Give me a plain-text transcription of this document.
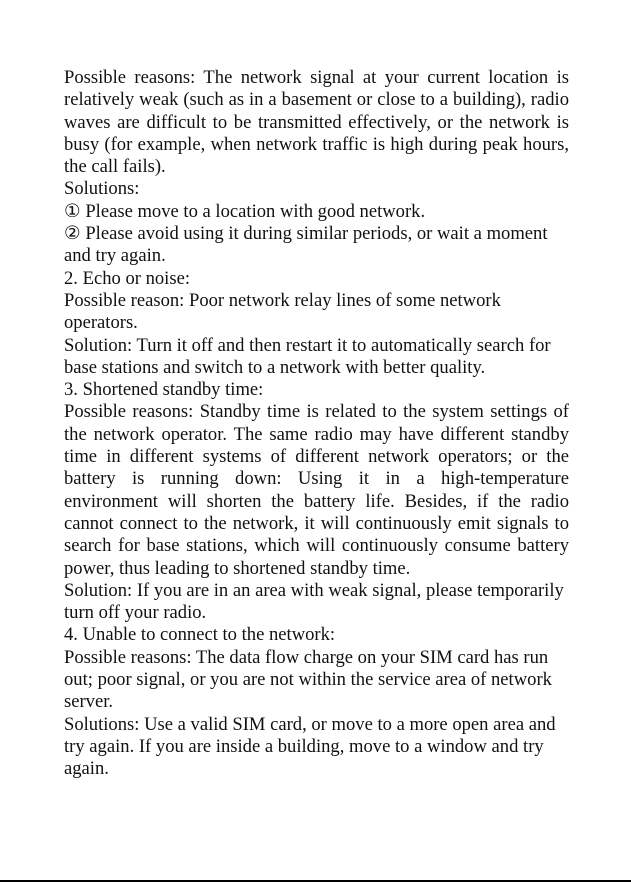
Possible reasons: The network signal at your current location is relatively weak (such as in a basement or close to a building), radio waves are difficult to be transmitted effectively, or the network is busy (for example, when network traffic is high during peak hours, the call fails).

Solutions:

① Please move to a location with good network.

② Please avoid using it during similar periods, or wait a moment and try again.

2. Echo or noise:

Possible reason: Poor network relay lines of some network operators.

Solution: Turn it off and then restart it to automatically search for base stations and switch to a network with better quality.

3. Shortened standby time:

Possible reasons: Standby time is related to the system settings of the network operator. The same radio may have different standby time in different systems of different network operators; or the battery is running down: Using it in a high-temperature environment will shorten the battery life. Besides, if the radio cannot connect to the network, it will continuously emit signals to search for base stations, which will continuously consume battery power, thus leading to shortened standby time.

Solution: If you are in an area with weak signal, please temporarily turn off your radio.

4. Unable to connect to the network:

Possible reasons: The data flow charge on your SIM card has run out; poor signal, or you are not within the service area of network server.

Solutions: Use a valid SIM card, or move to a more open area and try again. If you are inside a building, move to a window and try again.
